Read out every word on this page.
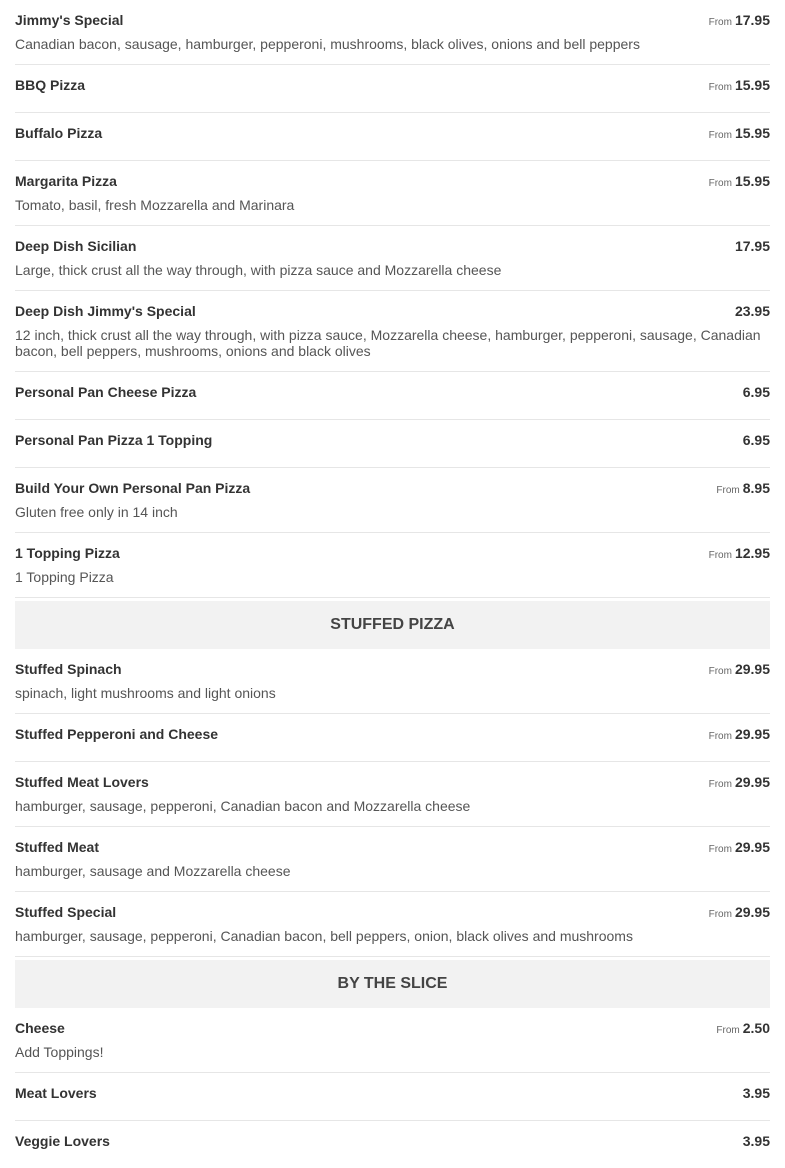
Jimmy's Special	From 17.95
Canadian bacon, sausage, hamburger, pepperoni, mushrooms, black olives, onions and bell peppers
BBQ Pizza	From 15.95
Buffalo Pizza	From 15.95
Margarita Pizza	From 15.95
Tomato, basil, fresh Mozzarella and Marinara
Deep Dish Sicilian	17.95
Large, thick crust all the way through, with pizza sauce and Mozzarella cheese
Deep Dish Jimmy's Special	23.95
12 inch, thick crust all the way through, with pizza sauce, Mozzarella cheese, hamburger, pepperoni, sausage, Canadian bacon, bell peppers, mushrooms, onions and black olives
Personal Pan Cheese Pizza	6.95
Personal Pan Pizza 1 Topping	6.95
Build Your Own Personal Pan Pizza	From 8.95
Gluten free only in 14 inch
1 Topping Pizza	From 12.95
1 Topping Pizza
STUFFED PIZZA
Stuffed Spinach	From 29.95
spinach, light mushrooms and light onions
Stuffed Pepperoni and Cheese	From 29.95
Stuffed Meat Lovers	From 29.95
hamburger, sausage, pepperoni, Canadian bacon and Mozzarella cheese
Stuffed Meat	From 29.95
hamburger, sausage and Mozzarella cheese
Stuffed Special	From 29.95
hamburger, sausage, pepperoni, Canadian bacon, bell peppers, onion, black olives and mushrooms
BY THE SLICE
Cheese	From 2.50
Add Toppings!
Meat Lovers	3.95
Veggie Lovers	3.95
